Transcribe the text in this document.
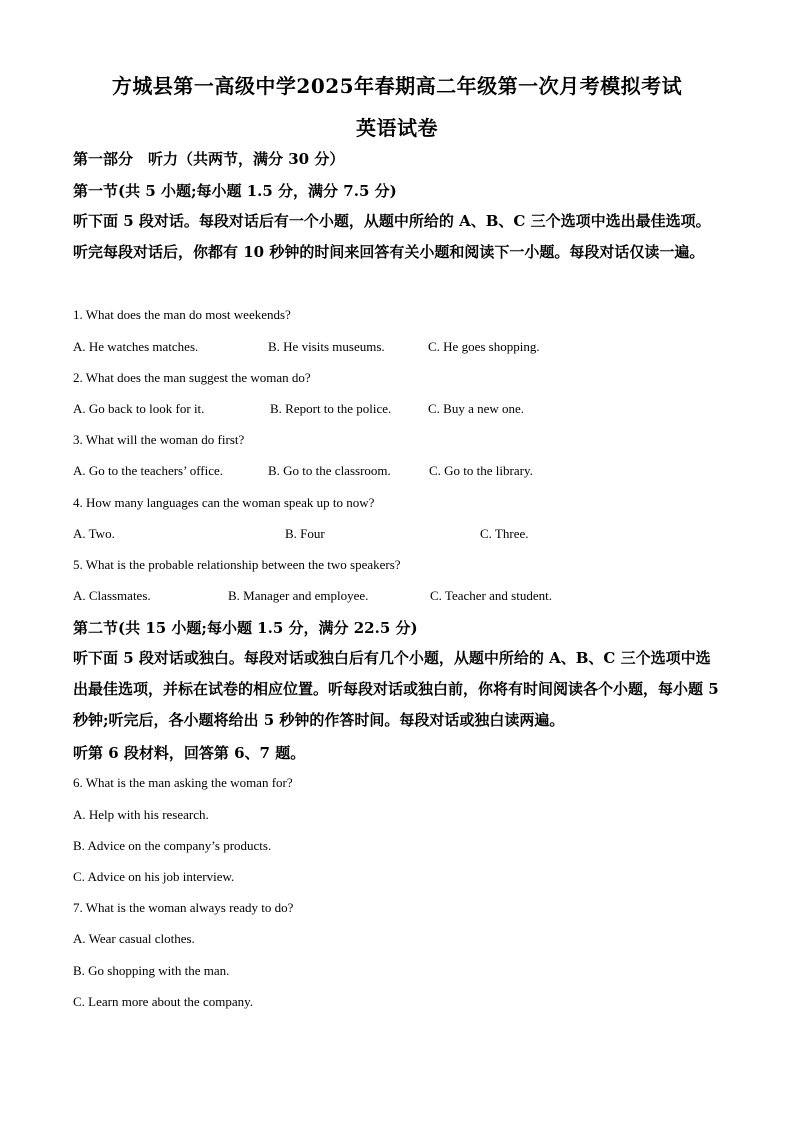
方城县第一高级中学2025年春期高二年级第一次月考模拟考试
英语试卷
第一部分　听力（共两节，满分 30 分）
第一节(共 5 小题;每小题 1.5 分，满分 7.5 分)
听下面 5 段对话。每段对话后有一个小题，从题中所给的 A、B、C 三个选项中选出最佳选项。听完每段对话后，你都有 10 秒钟的时间来回答有关小题和阅读下一小题。每段对话仅读一遍。
1. What does the man do most weekends?
A. He watches matches.	B. He visits museums.	C. He goes shopping.
2. What does the man suggest the woman do?
A. Go back to look for it.	B. Report to the police.	C. Buy a new one.
3. What will the woman do first?
A. Go to the teachers’ office.	B. Go to the classroom.	C. Go to the library.
4. How many languages can the woman speak up to now?
A. Two.	B. Four	C. Three.
5. What is the probable relationship between the two speakers?
A. Classmates.	B. Manager and employee.	C. Teacher and student.
第二节(共 15 小题;每小题 1.5 分，满分 22.5 分)
听下面 5 段对话或独白。每段对话或独白后有几个小题，从题中所给的 A、B、C 三个选项中选出最佳选项，并标在试卷的相应位置。听每段对话或独白前，你将有时间阅读各个小题，每小题 5 秒钟;听完后，各小题将给出 5 秒钟的作答时间。每段对话或独白读两遍。
听第 6 段材料，回答第 6、7 题。
6. What is the man asking the woman for?
A. Help with his research.
B. Advice on the company’s products.
C. Advice on his job interview.
7. What is the woman always ready to do?
A. Wear casual clothes.
B. Go shopping with the man.
C. Learn more about the company.
